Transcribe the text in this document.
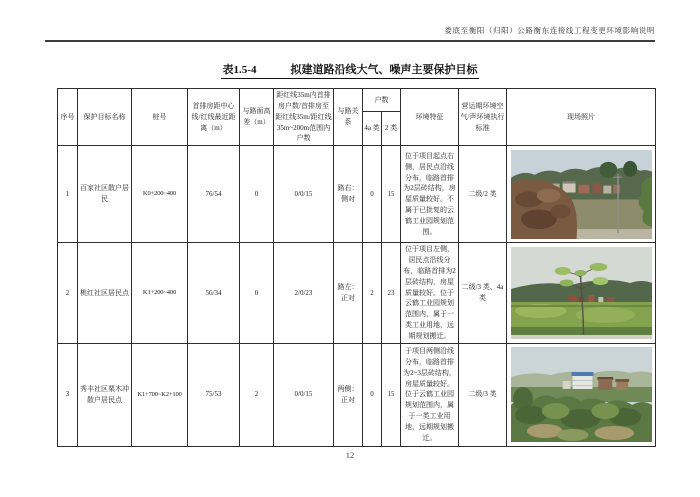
娄底至衡阳（归阳）公路衡东连接线工程变更环境影响说明
表1.5-4	拟建道路沿线大气、噪声主要保护目标
序号	保护目标名称	桩号	首排房距中心线/红线最近距离（m）	与路面高差（m）	距红线35m内首排房户数/首排房至距红线35m/距红线35m~200m范围内户数	与路关系	户数		环境特征	营运期环境空气/声环境执行标准	现场照片
							4a 类	2 类			
1	百家社区散户居民	K0+200~400	76/54	0	0/0/15	路右：侧对	0	15	位于项目起点右侧，居民点沿线分布，临路首排为2层砖结构，房屋质量较好。不属于已批复的云鹤工业园规划范围。	二级/2 类	

2	桃红社区居民点	K1+200~400	56/34	0	2/0/23	路左：正对	2	23	位于项目左侧，居民点沿线分布，临路首排为2层砖结构，房屋质量较好。位于云鹤工业园规划范围内，属于一类工业用地，远期规划搬迁。	二级/3 类、4a 类	

3	秀丰社区栗木冲散户居民点	K1+700~K2+100	75/53	2	0/0/15	两侧：正对	0	15	于项目两侧沿线分布，临路首排为2~3层砖结构，房屋质量较好。位于云鹤工业园规划范围内，属于一类工业用地，远期规划搬迁。	二级/3 类	
12
